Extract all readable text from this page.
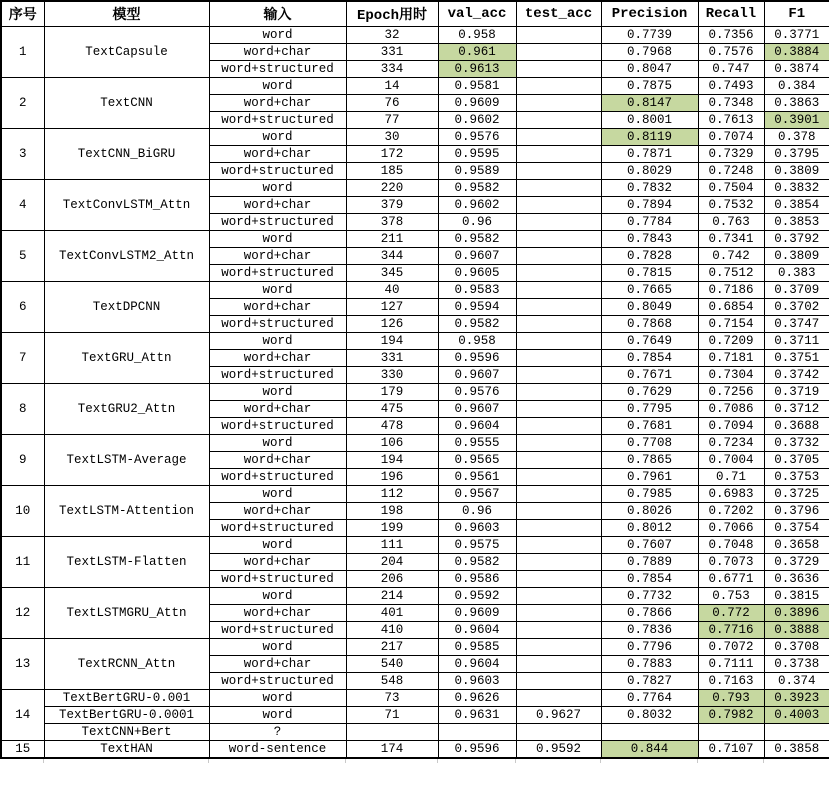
序号	模型	输入	Epoch用时	val_acc	test_acc	Precision	Recall	F1
1	TextCapsule	word	32	0.958		0.7739	0.7356	0.3771
		word+char	331	0.961		0.7968	0.7576	0.3884
		word+structured	334	0.9613		0.8047	0.747	0.3874
2	TextCNN	word	14	0.9581		0.7875	0.7493	0.384
		word+char	76	0.9609		0.8147	0.7348	0.3863
		word+structured	77	0.9602		0.8001	0.7613	0.3901
3	TextCNN_BiGRU	word	30	0.9576		0.8119	0.7074	0.378
		word+char	172	0.9595		0.7871	0.7329	0.3795
		word+structured	185	0.9589		0.8029	0.7248	0.3809
4	TextConvLSTM_Attn	word	220	0.9582		0.7832	0.7504	0.3832
		word+char	379	0.9602		0.7894	0.7532	0.3854
		word+structured	378	0.96		0.7784	0.763	0.3853
5	TextConvLSTM2_Attn	word	211	0.9582		0.7843	0.7341	0.3792
		word+char	344	0.9607		0.7828	0.742	0.3809
		word+structured	345	0.9605		0.7815	0.7512	0.383
6	TextDPCNN	word	40	0.9583		0.7665	0.7186	0.3709
		word+char	127	0.9594		0.8049	0.6854	0.3702
		word+structured	126	0.9582		0.7868	0.7154	0.3747
7	TextGRU_Attn	word	194	0.958		0.7649	0.7209	0.3711
		word+char	331	0.9596		0.7854	0.7181	0.3751
		word+structured	330	0.9607		0.7671	0.7304	0.3742
8	TextGRU2_Attn	word	179	0.9576		0.7629	0.7256	0.3719
		word+char	475	0.9607		0.7795	0.7086	0.3712
		word+structured	478	0.9604		0.7681	0.7094	0.3688
9	TextLSTM-Average	word	106	0.9555		0.7708	0.7234	0.3732
		word+char	194	0.9565		0.7865	0.7004	0.3705
		word+structured	196	0.9561		0.7961	0.71	0.3753
10	TextLSTM-Attention	word	112	0.9567		0.7985	0.6983	0.3725
		word+char	198	0.96		0.8026	0.7202	0.3796
		word+structured	199	0.9603		0.8012	0.7066	0.3754
11	TextLSTM-Flatten	word	111	0.9575		0.7607	0.7048	0.3658
		word+char	204	0.9582		0.7889	0.7073	0.3729
		word+structured	206	0.9586		0.7854	0.6771	0.3636
12	TextLSTMGRU_Attn	word	214	0.9592		0.7732	0.753	0.3815
		word+char	401	0.9609		0.7866	0.772	0.3896
		word+structured	410	0.9604		0.7836	0.7716	0.3888
13	TextRCNN_Attn	word	217	0.9585		0.7796	0.7072	0.3708
		word+char	540	0.9604		0.7883	0.7111	0.3738
		word+structured	548	0.9603		0.7827	0.7163	0.374
14	TextBertGRU-0.001	word	73	0.9626		0.7764	0.793	0.3923
	TextBertGRU-0.0001	word	71	0.9631	0.9627	0.8032	0.7982	0.4003
	TextCNN+Bert	?						
15	TextHAN	word-sentence	174	0.9596	0.9592	0.844	0.7107	0.3858
